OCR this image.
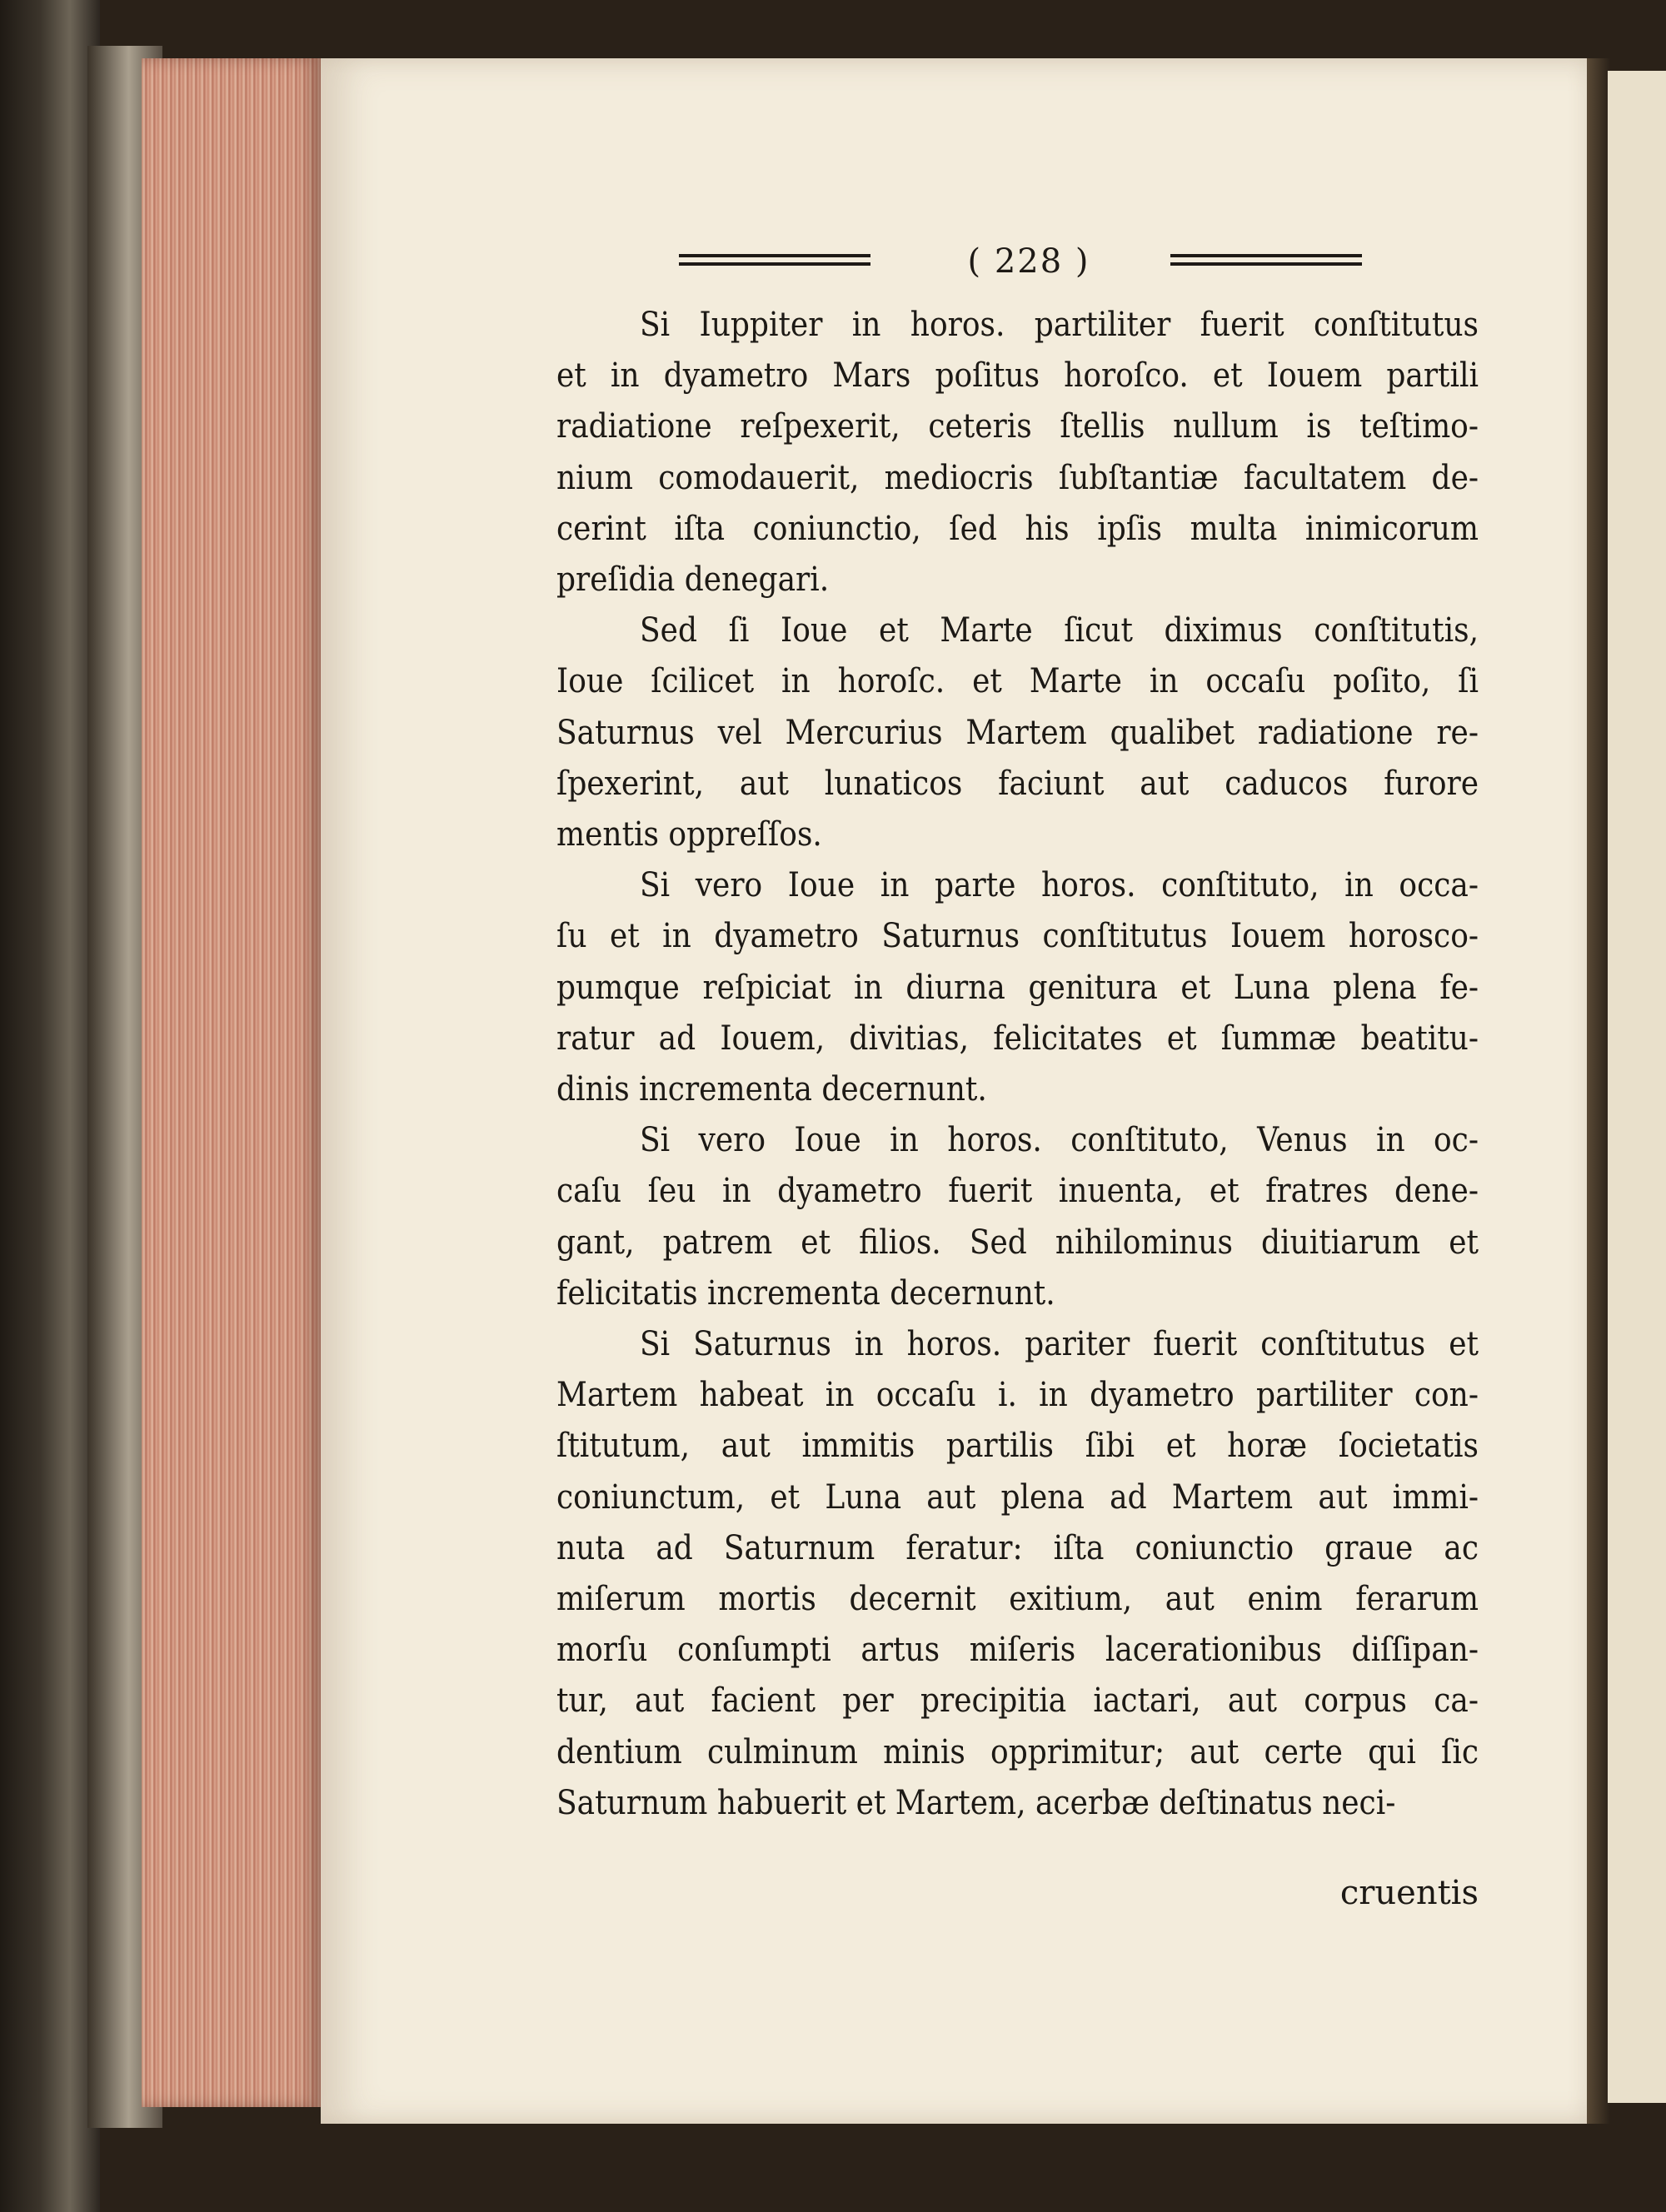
( 228 )
Si Iuppiter in horos. partiliter fuerit conſtitutus
et in dyametro Mars poſitus horoſco. et Iouem partili
radiatione reſpexerit, ceteris ſtellis nullum is teſtimo-
nium comodauerit, mediocris ſubſtantiæ facultatem de-
cerint iſta coniunctio, ſed his ipſis multa inimicorum
preſidia denegari.
Sed ſi Ioue et Marte ſicut diximus conſtitutis,
Ioue ſcilicet in horoſc. et Marte in occaſu poſito, ſi
Saturnus vel Mercurius Martem qualibet radiatione re-
ſpexerint, aut lunaticos faciunt aut caducos furore
mentis oppreſſos.
Si vero Ioue in parte horos. conſtituto, in occa-
ſu et in dyametro Saturnus conſtitutus Iouem horosco-
pumque reſpiciat in diurna genitura et Luna plena fe-
ratur ad Iouem, divitias, felicitates et ſummæ beatitu-
dinis incrementa decernunt.
Si vero Ioue in horos. conſtituto, Venus in oc-
caſu ſeu in dyametro fuerit inuenta, et fratres dene-
gant, patrem et filios. Sed nihilominus diuitiarum et
felicitatis incrementa decernunt.
Si Saturnus in horos. pariter fuerit conſtitutus et
Martem habeat in occaſu i. in dyametro partiliter con-
ſtitutum, aut immitis partilis ſibi et horæ ſocietatis
coniunctum, et Luna aut plena ad Martem aut immi-
nuta ad Saturnum feratur: iſta coniunctio graue ac
miſerum mortis decernit exitium, aut enim ferarum
morſu conſumpti artus miſeris lacerationibus diſſipan-
tur, aut facient per precipitia iactari, aut corpus ca-
dentium culminum minis opprimitur; aut certe qui ſic
Saturnum habuerit et Martem, acerbæ deſtinatus neci-
cruentis
